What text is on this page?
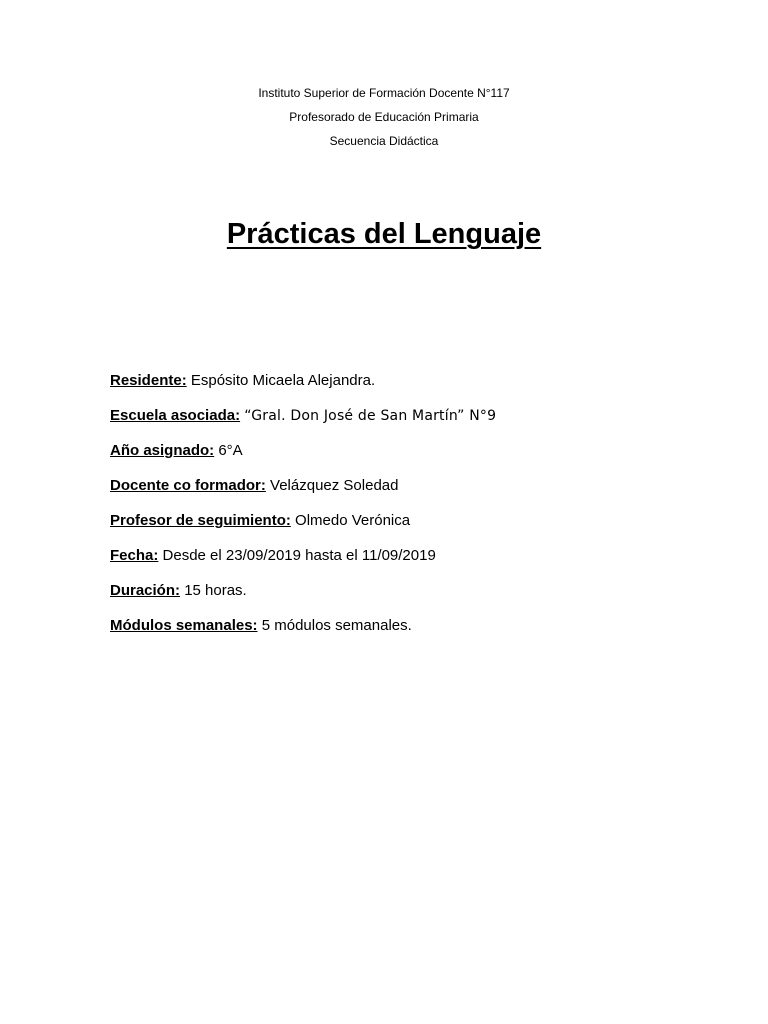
Instituto Superior de Formación Docente N°117
Profesorado de Educación Primaria
Secuencia Didáctica
Prácticas del Lenguaje
Residente: Espósito Micaela Alejandra.
Escuela asociada: “Gral. Don José de San Martín” N°9
Año asignado: 6°A
Docente co formador: Velázquez Soledad
Profesor de seguimiento: Olmedo Verónica
Fecha: Desde el 23/09/2019 hasta el 11/09/2019
Duración: 15 horas.
Módulos semanales: 5 módulos semanales.
